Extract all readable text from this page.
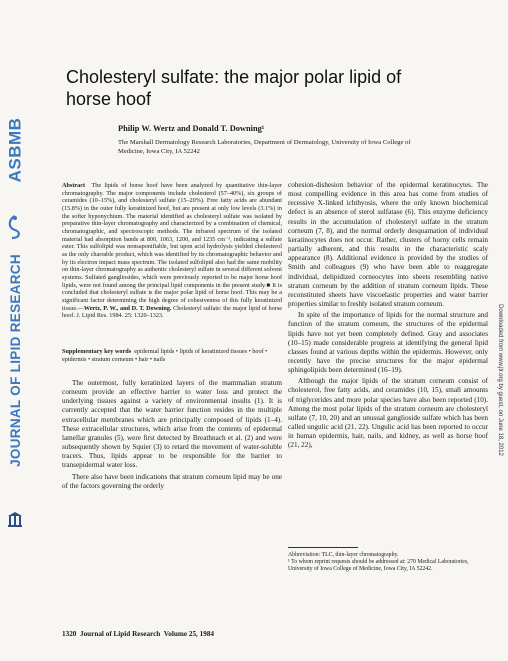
ASBMB
JOURNAL OF LIPID RESEARCH	Downloaded from www.jlr.org by guest, on June 18, 2012
Cholesteryl sulfate: the major polar lipid of horse hoof

Philip W. Wertz and Donald T. Downing¹

The Marshall Dermatology Research Laboratories, Department of Dermatology, University of Iowa College of Medicine, Iowa City, IA 52242

Abstract The lipids of horse hoof have been analyzed by quantitative thin-layer chromatography. The major components include cholesterol (57–40%), six groups of ceramides (10–15%), and cholesteryl sulfate (15–20%). Free fatty acids are abundant (15.8%) in the outer fully keratinized hoof, but are present at only low levels (3.1%) in the softer hyponychium. The material identified as cholesteryl sulfate was isolated by preparative thin-layer chromatography and characterized by a combination of chemical, chromatographic, and spectroscopic methods. The infrared spectrum of the isolated material had absorption bands at 800, 1063, 1200, and 1235 cm⁻¹, indicating a sulfate ester. This sulfolipid was nonsaponifiable, but upon acid hydrolysis yielded cholesterol as the only charrable product, which was identified by its chromatographic behavior and by its electron impact mass spectrum. The isolated sulfolipid also had the same mobility on thin-layer chromatography as authentic cholesteryl sulfate in several different solvent systems. Sulfated gangliosides, which were previously reported to be major horse hoof lipids, were not found among the principal lipid components in the present study.■ It is concluded that cholesteryl sulfate is the major polar lipid of horse hoof. This may be a significant factor determining the high degree of cohesiveness of this fully keratinized tissue.—Wertz, P. W., and D. T. Downing. Cholesteryl sulfate: the major lipid of horse hoof. J. Lipid Res. 1984. 25: 1320–1323.

Supplementary key words epidermal lipids • lipids of keratinized tissues • hoof • epidermis • stratum corneum • hair • nails

The outermost, fully keratinized layers of the mammalian stratum corneum provide an effective barrier to water loss and protect the underlying tissues against a variety of environmental insults (1). It is currently accepted that the water barrier function resides in the multiple extracellular membranes which are principally composed of lipids (1–4). These extracellular structures, which arise from the contents of epidermal lamellar granules (5), were first detected by Breathnach et al. (2) and were subsequently shown by Squier (3) to retard the movement of water-soluble tracers. Thus, lipids appear to be responsible for the barrier to transepidermal water loss.

There also have been indications that stratum corneum lipid may be one of the factors governing the orderly

cohesion-dishesion behavior of the epidermal keratinocytes. The most compelling evidence in this area has come from studies of recessive X-linked ichthyosis, where the only known biochemical defect is an absence of sterol sulfatase (6). This enzyme deficiency results in the accumulation of cholesteryl sulfate in the stratum corneum (7, 8), and the normal orderly desquamation of individual keratinocytes does not occur. Rather, clusters of horny cells remain partially adherent, and this results in the characteristic scaly appearance (8). Additional evidence is provided by the studies of Smith and colleagues (9) who have been able to reaggregate individual, delipidized corneocytes into sheets resembling native stratum corneum by the addition of stratum corneum lipids. These reconstituted sheets have viscoelastic properties and water barrier properties similar to freshly isolated stratum corneum.

In spite of the importance of lipids for the normal structure and function of the stratum corneum, the structures of the epidermal lipids have not yet been completely defined. Gray and associates (10–15) made considerable progress at identifying the general lipid classes found at various depths within the epidermis. However, only recently have the precise structures for the major epidermal sphingolipids been determined (16–19).

Although the major lipids of the stratum corneum consist of cholesterol, free fatty acids, and ceramides (10, 15), small amounts of triglycerides and more polar species have also been reported (10). Among the most polar lipids of the stratum corneum are cholesteryl sulfate (7, 10, 20) and an unusual ganglioside sulfate which has been called ungulic acid (21, 22). Ungulic acid has been reported to occur in human epidermis, hair, nails, and kidney, as well as horse hoof (21, 22),

Abbreviation: TLC, thin-layer chromatography.

¹ To whom reprint requests should be addressed at: 270 Medical Laboratories, University of Iowa College of Medicine, Iowa City, IA 52242.

1320  Journal of Lipid Research  Volume 25, 1984
